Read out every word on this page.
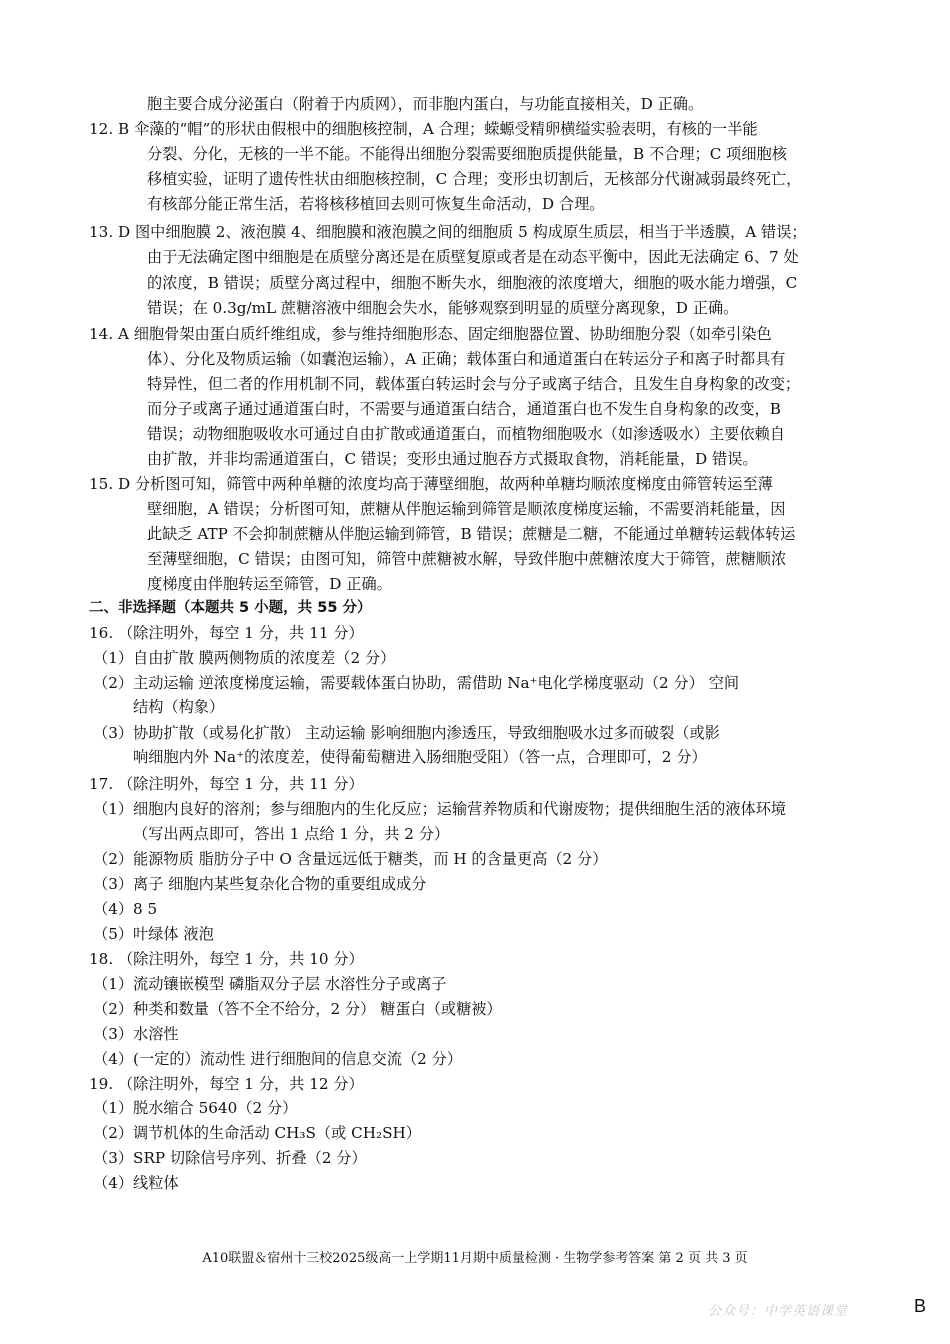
胞主要合成分泌蛋白（附着于内质网），而非胞内蛋白，与功能直接相关，D 正确。
12. B 伞藻的“帽”的形状由假根中的细胞核控制，A 合理；蝾螈受精卵横缢实验表明，有核的一半能
分裂、分化，无核的一半不能。不能得出细胞分裂需要细胞质提供能量，B 不合理；C 项细胞核
移植实验，证明了遗传性状由细胞核控制，C 合理；变形虫切割后，无核部分代谢减弱最终死亡，
有核部分能正常生活，若将核移植回去则可恢复生命活动，D 合理。
13. D 图中细胞膜 2、液泡膜 4、细胞膜和液泡膜之间的细胞质 5 构成原生质层，相当于半透膜，A 错误；
由于无法确定图中细胞是在质壁分离还是在质壁复原或者是在动态平衡中，因此无法确定 6、7 处
的浓度，B 错误；质壁分离过程中，细胞不断失水，细胞液的浓度增大，细胞的吸水能力增强，C
错误；在 0.3g/mL 蔗糖溶液中细胞会失水，能够观察到明显的质壁分离现象，D 正确。
14. A 细胞骨架由蛋白质纤维组成，参与维持细胞形态、固定细胞器位置、协助细胞分裂（如牵引染色
体）、分化及物质运输（如囊泡运输），A 正确；载体蛋白和通道蛋白在转运分子和离子时都具有
特异性，但二者的作用机制不同，载体蛋白转运时会与分子或离子结合，且发生自身构象的改变；
而分子或离子通过通道蛋白时，不需要与通道蛋白结合，通道蛋白也不发生自身构象的改变，B
错误；动物细胞吸收水可通过自由扩散或通道蛋白，而植物细胞吸水（如渗透吸水）主要依赖自
由扩散，并非均需通道蛋白，C 错误；变形虫通过胞吞方式摄取食物，消耗能量，D 错误。
15. D 分析图可知，筛管中两种单糖的浓度均高于薄壁细胞，故两种单糖均顺浓度梯度由筛管转运至薄
壁细胞，A 错误；分析图可知，蔗糖从伴胞运输到筛管是顺浓度梯度运输，不需要消耗能量，因
此缺乏 ATP 不会抑制蔗糖从伴胞运输到筛管，B 错误；蔗糖是二糖，不能通过单糖转运载体转运
至薄壁细胞，C 错误；由图可知，筛管中蔗糖被水解，导致伴胞中蔗糖浓度大于筛管，蔗糖顺浓
度梯度由伴胞转运至筛管，D 正确。
二、非选择题（本题共 5 小题，共 55 分）
16. （除注明外，每空 1 分，共 11 分）
（1）自由扩散 膜两侧物质的浓度差（2 分）
（2）主动运输 逆浓度梯度运输，需要载体蛋白协助，需借助 Na⁺电化学梯度驱动（2 分） 空间
结构（构象）
（3）协助扩散（或易化扩散） 主动运输 影响细胞内渗透压，导致细胞吸水过多而破裂（或影
响细胞内外 Na⁺的浓度差，使得葡萄糖进入肠细胞受阻）（答一点，合理即可，2 分）
17. （除注明外，每空 1 分，共 11 分）
（1）细胞内良好的溶剂；参与细胞内的生化反应；运输营养物质和代谢废物；提供细胞生活的液体环境
（写出两点即可，答出 1 点给 1 分，共 2 分）
（2）能源物质 脂肪分子中 O 含量远远低于糖类，而 H 的含量更高（2 分）
（3）离子 细胞内某些复杂化合物的重要组成成分
（4）8 5
（5）叶绿体 液泡
18. （除注明外，每空 1 分，共 10 分）
（1）流动镶嵌模型 磷脂双分子层 水溶性分子或离子
（2）种类和数量（答不全不给分，2 分） 糖蛋白（或糖被）
（3）水溶性
（4）(一定的）流动性 进行细胞间的信息交流（2 分）
19. （除注明外，每空 1 分，共 12 分）
（1）脱水缩合 5640（2 分）
（2）调节机体的生命活动 CH₃S（或 CH₂SH）
（3）SRP 切除信号序列、折叠（2 分）
（4）线粒体
A10联盟＆宿州十三校2025级高一上学期11月期中质量检测 · 生物学参考答案 第 2 页 共 3 页
公众号：中学英语课堂	B
